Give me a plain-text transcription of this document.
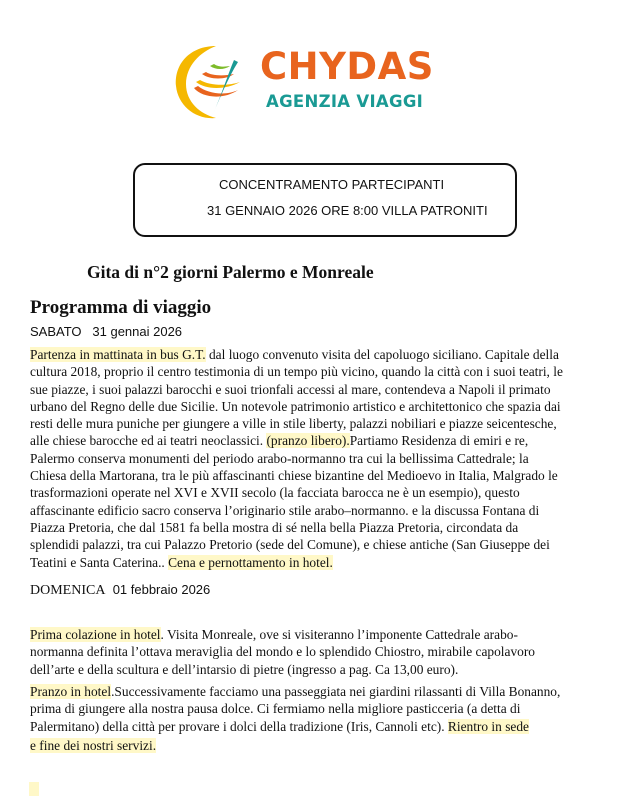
CHYDAS
AGENZIA VIAGGI
CONCENTRAMENTO PARTECIPANTI
31 GENNAIO 2026 ORE 8:00 VILLA PATRONITI
Gita di n°2 giorni Palermo e Monreale
Programma di viaggio
SABATO 31 gennai 2026
Partenza in mattinata in bus G.T. dal luogo convenuto visita del capoluogo siciliano. Capitale della
cultura 2018, proprio il centro testimonia di un tempo più vicino, quando la città con i suoi teatri, le
sue piazze, i suoi palazzi barocchi e suoi trionfali accessi al mare, contendeva a Napoli il primato
urbano del Regno delle due Sicilie. Un notevole patrimonio artistico e architettonico che spazia dai
resti delle mura puniche per giungere a ville in stile liberty, palazzi nobiliari e piazze seicentesche,
alle chiese barocche ed ai teatri neoclassici. (pranzo libero).Partiamo Residenza di emiri e re,
Palermo conserva monumenti del periodo arabo-normanno tra cui la bellissima Cattedrale; la
Chiesa della Martorana, tra le più affascinanti chiese bizantine del Medioevo in Italia, Malgrado le
trasformazioni operate nel XVI e XVII secolo (la facciata barocca ne è un esempio), questo
affascinante edificio sacro conserva l’originario stile arabo–normanno. e la discussa Fontana di
Piazza Pretoria, che dal 1581 fa bella mostra di sé nella bella Piazza Pretoria, circondata da
splendidi palazzi, tra cui Palazzo Pretorio (sede del Comune), e chiese antiche (San Giuseppe dei
Teatini e Santa Caterina.. Cena e pernottamento in hotel.
DOMENICA 01 febbraio 2026
Prima colazione in hotel. Visita Monreale, ove si visiteranno l’imponente Cattedrale arabo-
normanna definita l’ottava meraviglia del mondo e lo splendido Chiostro, mirabile capolavoro
dell’arte e della scultura e dell’intarsio di pietre (ingresso a pag. Ca 13,00 euro).
Pranzo in hotel.Successivamente facciamo una passeggiata nei giardini rilassanti di Villa Bonanno,
prima di giungere alla nostra pausa dolce. Ci fermiamo nella migliore pasticceria (a detta di
Palermitano) della città per provare i dolci della tradizione (Iris, Cannoli etc). Rientro in sede
e fine dei nostri servizi.
